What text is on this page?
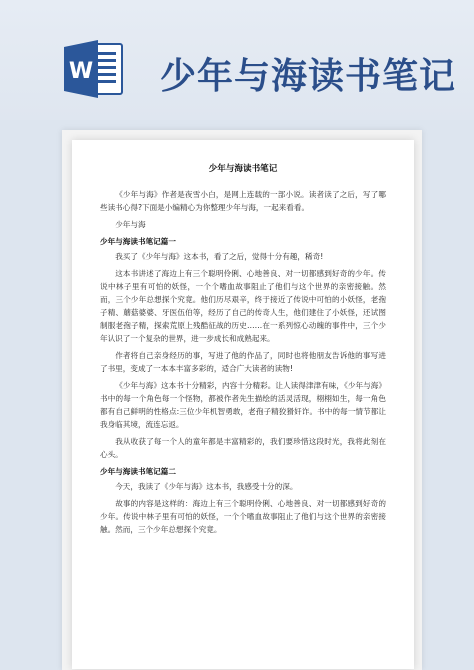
W 少年与海读书笔记
少年与海读书笔记
《少年与海》作者是夜雪小白，是网上连载的一部小说。读者读了之后，写了哪些读书心得?下面是小编精心为你整理少年与海，一起来看看。
少年与海
少年与海读书笔记篇一
我买了《少年与海》这本书，看了之后，觉得十分有趣，稀奇!
这本书讲述了海边上有三个聪明伶俐、心地善良、对一切都感到好奇的少年。传说中林子里有可怕的妖怪，一个个嗜血故事阻止了他们与这个世界的亲密接触。然而，三个少年总想探个究竟。他们历尽艰辛，终于接近了传说中可怕的小妖怪，老孢子精、蘑菇婆婆、牙医伍伯等，经历了自己的传奇人生，他们建住了小妖怪，还试图制服老孢子精，探索荒原上残酷征战的历史……在一系列惊心动魄的事件中，三个少年认识了一个复杂的世界，进一步成长和成熟起来。
作者将自己亲身经历的事，写进了他的作品了，同时也将他朋友告诉他的事写进了书里，变成了一本本丰富多彩的，适合广大读者的读物!
《少年与海》这本书十分精彩，内容十分精彩。让人读得津津有味，《少年与海》书中的每一个角色每一个怪物，都被作者先生描绘的活灵活现，栩栩如生，每一角色都有自己鲜明的性格点:三位少年机智勇敢，老孢子精狡猾奸诈。书中的每一情节都让我身临其境，流连忘返。
我从收获了每一个人的童年都是丰富精彩的，我们要珍惜这段时光，我将此刻在心头。
少年与海读书笔记篇二
今天，我读了《少年与海》这本书，我感受十分的深。
故事的内容是这样的：海边上有三个聪明伶俐、心地善良、对一切都感到好奇的少年。传说中林子里有可怕的妖怪，一个个嗜血故事阻止了他们与这个世界的亲密接触。然而，三个少年总想探个究竟。
